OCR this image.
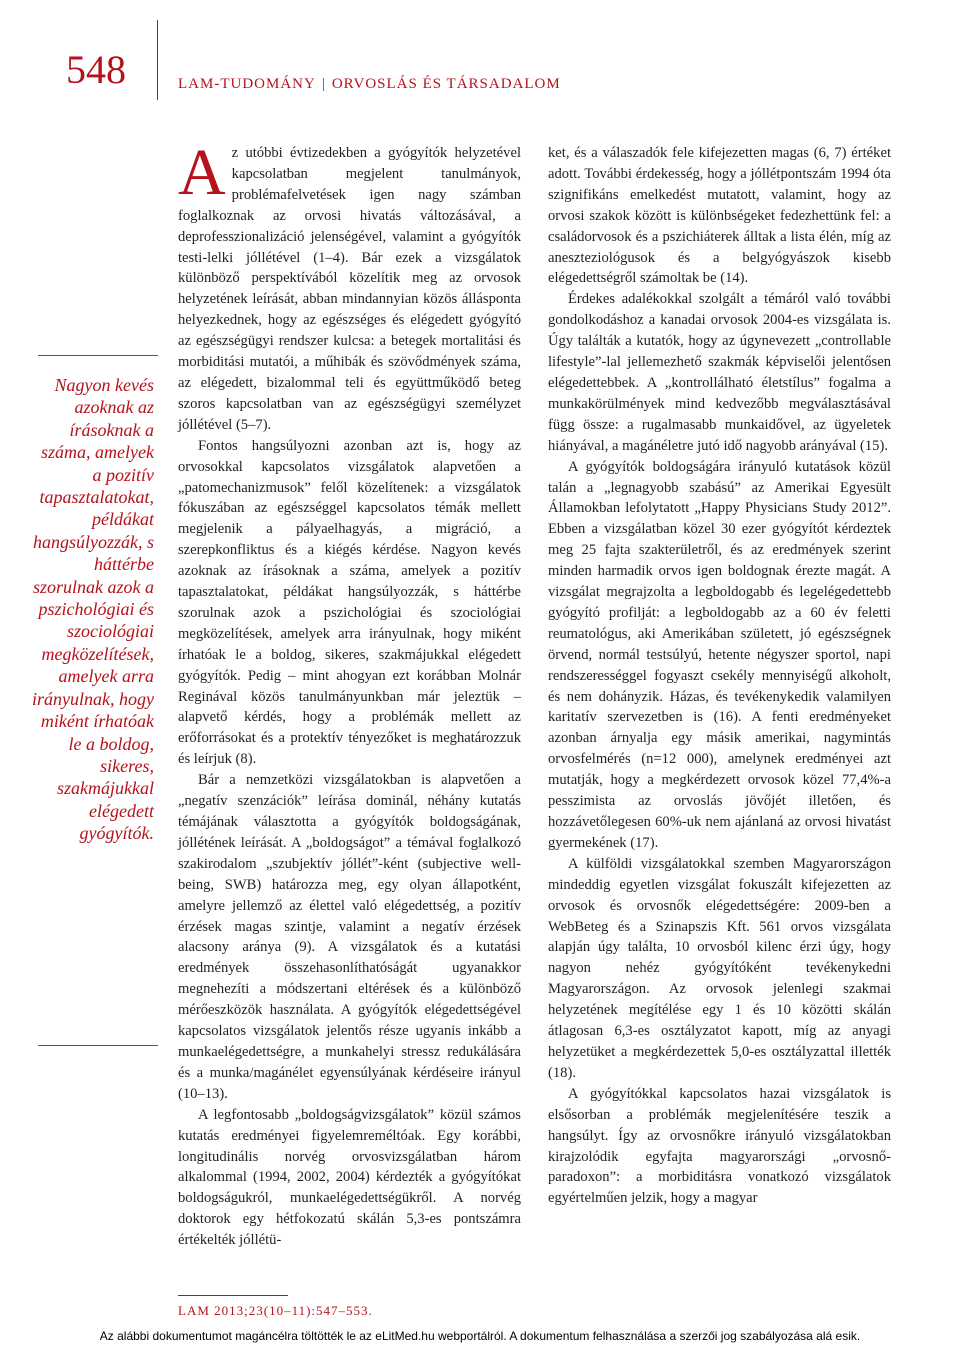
548	LAM-TUDOMÁNY | ORVOSLÁS ÉS TÁRSADALOM

Nagyon kevés azoknak az írásoknak a száma, amelyek a pozitív tapasztalatokat, példákat hangsúlyozzák, s háttérbe szorulnak azok a pszichológiai és szociológiai megközelítések, amelyek arra irányulnak, hogy miként írhatóak le a boldog, sikeres, szakmájukkal elégedett gyógyítók.

Az utóbbi évtizedekben a gyógyítók helyzetével kapcsolatban megjelent tanulmányok, problémafelvetések igen nagy számban foglalkoznak az orvosi hivatás változásával, a deprofesszionalizáció jelenségével, valamint a gyógyítók testi-lelki jóllétével (1–4). Bár ezek a vizsgálatok különböző perspektívából közelítik meg az orvosok helyzetének leírását, abban mindannyian közös állásponta helyezkednek, hogy az egészséges és elégedett gyógyító az egészségügyi rendszer kulcsa: a betegek mortalitási és morbiditási mutatói, a műhibák és szövődmények száma, az elégedett, bizalommal teli és együttműködő beteg szoros kapcsolatban van az egészségügyi személyzet jóllétével (5–7).

Fontos hangsúlyozni azonban azt is, hogy az orvosokkal kapcsolatos vizsgálatok alapvetően a „patomechanizmusok” felől közelítenek: a vizsgálatok fókuszában az egészséggel kapcsolatos témák mellett megjelenik a pályaelhagyás, a migráció, a szerepkonfliktus és a kiégés kérdése. Nagyon kevés azoknak az írásoknak a száma, amelyek a pozitív tapasztalatokat, példákat hangsúlyozzák, s háttérbe szorulnak azok a pszichológiai és szociológiai megközelítések, amelyek arra irányulnak, hogy miként írhatóak le a boldog, sikeres, szakmájukkal elégedett gyógyítók. Pedig – mint ahogyan ezt korábban Molnár Reginával közös tanulmányunkban már jeleztük – alapvető kérdés, hogy a problémák mellett az erőforrásokat és a protektív tényezőket is meghatározzuk és leírjuk (8).

Bár a nemzetközi vizsgálatokban is alapvetően a „negatív szenzációk” leírása dominál, néhány kutatás témájának választotta a gyógyítók boldogságának, jóllétének leírását. A „boldogságot” a témával foglalkozó szakirodalom „szubjektív jóllét”-ként (subjective well-being, SWB) határozza meg, egy olyan állapotként, amelyre jellemző az élettel való elégedettség, a pozitív érzések magas szintje, valamint a negatív érzések alacsony aránya (9). A vizsgálatok és a kutatási eredmények összehasonlíthatóságát ugyanakkor megnehezíti a módszertani eltérések és a különböző mérőeszközök használata. A gyógyítók elégedettségével kapcsolatos vizsgálatok jelentős része ugyanis inkább a munkaelégedettségre, a munkahelyi stressz redukálására és a munka/magánélet egyensúlyának kérdéseire irányul (10–13).

A legfontosabb „boldogságvizsgálatok” közül számos kutatás eredményei figyelemreméltóak. Egy korábbi, longitudinális norvég orvosvizsgálatban három alkalommal (1994, 2002, 2004) kérdezték a gyógyítókat boldogságukról, munkaelégedettségükről. A norvég doktorok egy hétfokozatú skálán 5,3-es pontszámra értékelték jóllétü-

ket, és a válaszadók fele kifejezetten magas (6, 7) értéket adott. További érdekesség, hogy a jóllétpontszám 1994 óta szignifikáns emelkedést mutatott, valamint, hogy az orvosi szakok között is különbségeket fedezhettünk fel: a családorvosok és a pszichiáterek álltak a lista élén, míg az aneszteziológusok és a belgyógyászok kisebb elégedettségről számoltak be (14).

Érdekes adalékokkal szolgált a témáról való további gondolkodáshoz a kanadai orvosok 2004-es vizsgálata is. Úgy találták a kutatók, hogy az úgynevezett „controllable lifestyle”-lal jellemezhető szakmák képviselői jelentősen elégedettebbek. A „kontrollálható életstílus” fogalma a munkakörülmények mind kedvezőbb megválasztásával függ össze: a rugalmasabb munkaidővel, az ügyeletek hiányával, a magánéletre jutó idő nagyobb arányával (15).

A gyógyítók boldogságára irányuló kutatások közül talán a „legnagyobb szabású” az Amerikai Egyesült Államokban lefolytatott „Happy Physicians Study 2012”. Ebben a vizsgálatban közel 30 ezer gyógyítót kérdeztek meg 25 fajta szakterületről, és az eredmények szerint minden harmadik orvos igen boldognak érezte magát. A vizsgálat megrajzolta a legboldogabb és legelégedettebb gyógyító profilját: a legboldogabb az a 60 év feletti reumatológus, aki Amerikában született, jó egészségnek örvend, normál testsúlyú, hetente négyszer sportol, napi rendszerességgel fogyaszt csekély mennyiségű alkoholt, és nem dohányzik. Házas, és tevékenykedik valamilyen karitatív szervezetben is (16). A fenti eredményeket azonban árnyalja egy másik amerikai, nagymintás orvosfelmérés (n=12 000), amelynek eredményei azt mutatják, hogy a megkérdezett orvosok közel 77,4%-a pesszimista az orvoslás jövőjét illetően, és hozzávetőlegesen 60%-uk nem ajánlaná az orvosi hivatást gyermekének (17).

A külföldi vizsgálatokkal szemben Magyarországon mindeddig egyetlen vizsgálat fokuszált kifejezetten az orvosok és orvosnők elégedettségére: 2009-ben a WebBeteg és a Szinapszis Kft. 561 orvos vizsgálata alapján úgy találta, 10 orvosból kilenc érzi úgy, hogy nagyon nehéz gyógyítóként tevékenykedni Magyarországon. Az orvosok jelenlegi szakmai helyzetének megítélése egy 1 és 10 közötti skálán átlagosan 6,3-es osztályzatot kapott, míg az anyagi helyzetüket a megkérdezettek 5,0-es osztályzattal illették (18).

A gyógyítókkal kapcsolatos hazai vizsgálatok is elsősorban a problémák megjelenítésére teszik a hangsúlyt. Így az orvosnőkre irányuló vizsgálatokban kirajzolódik egyfajta magyarországi „orvosnő-paradoxon”: a morbiditásra vonatkozó vizsgálatok egyértelműen jelzik, hogy a magyar

LAM 2013;23(10–11):547–553.
Az alábbi dokumentumot magáncélra töltötték le az eLitMed.hu webportálról. A dokumentum felhasználása a szerzői jog szabályozása alá esik.
